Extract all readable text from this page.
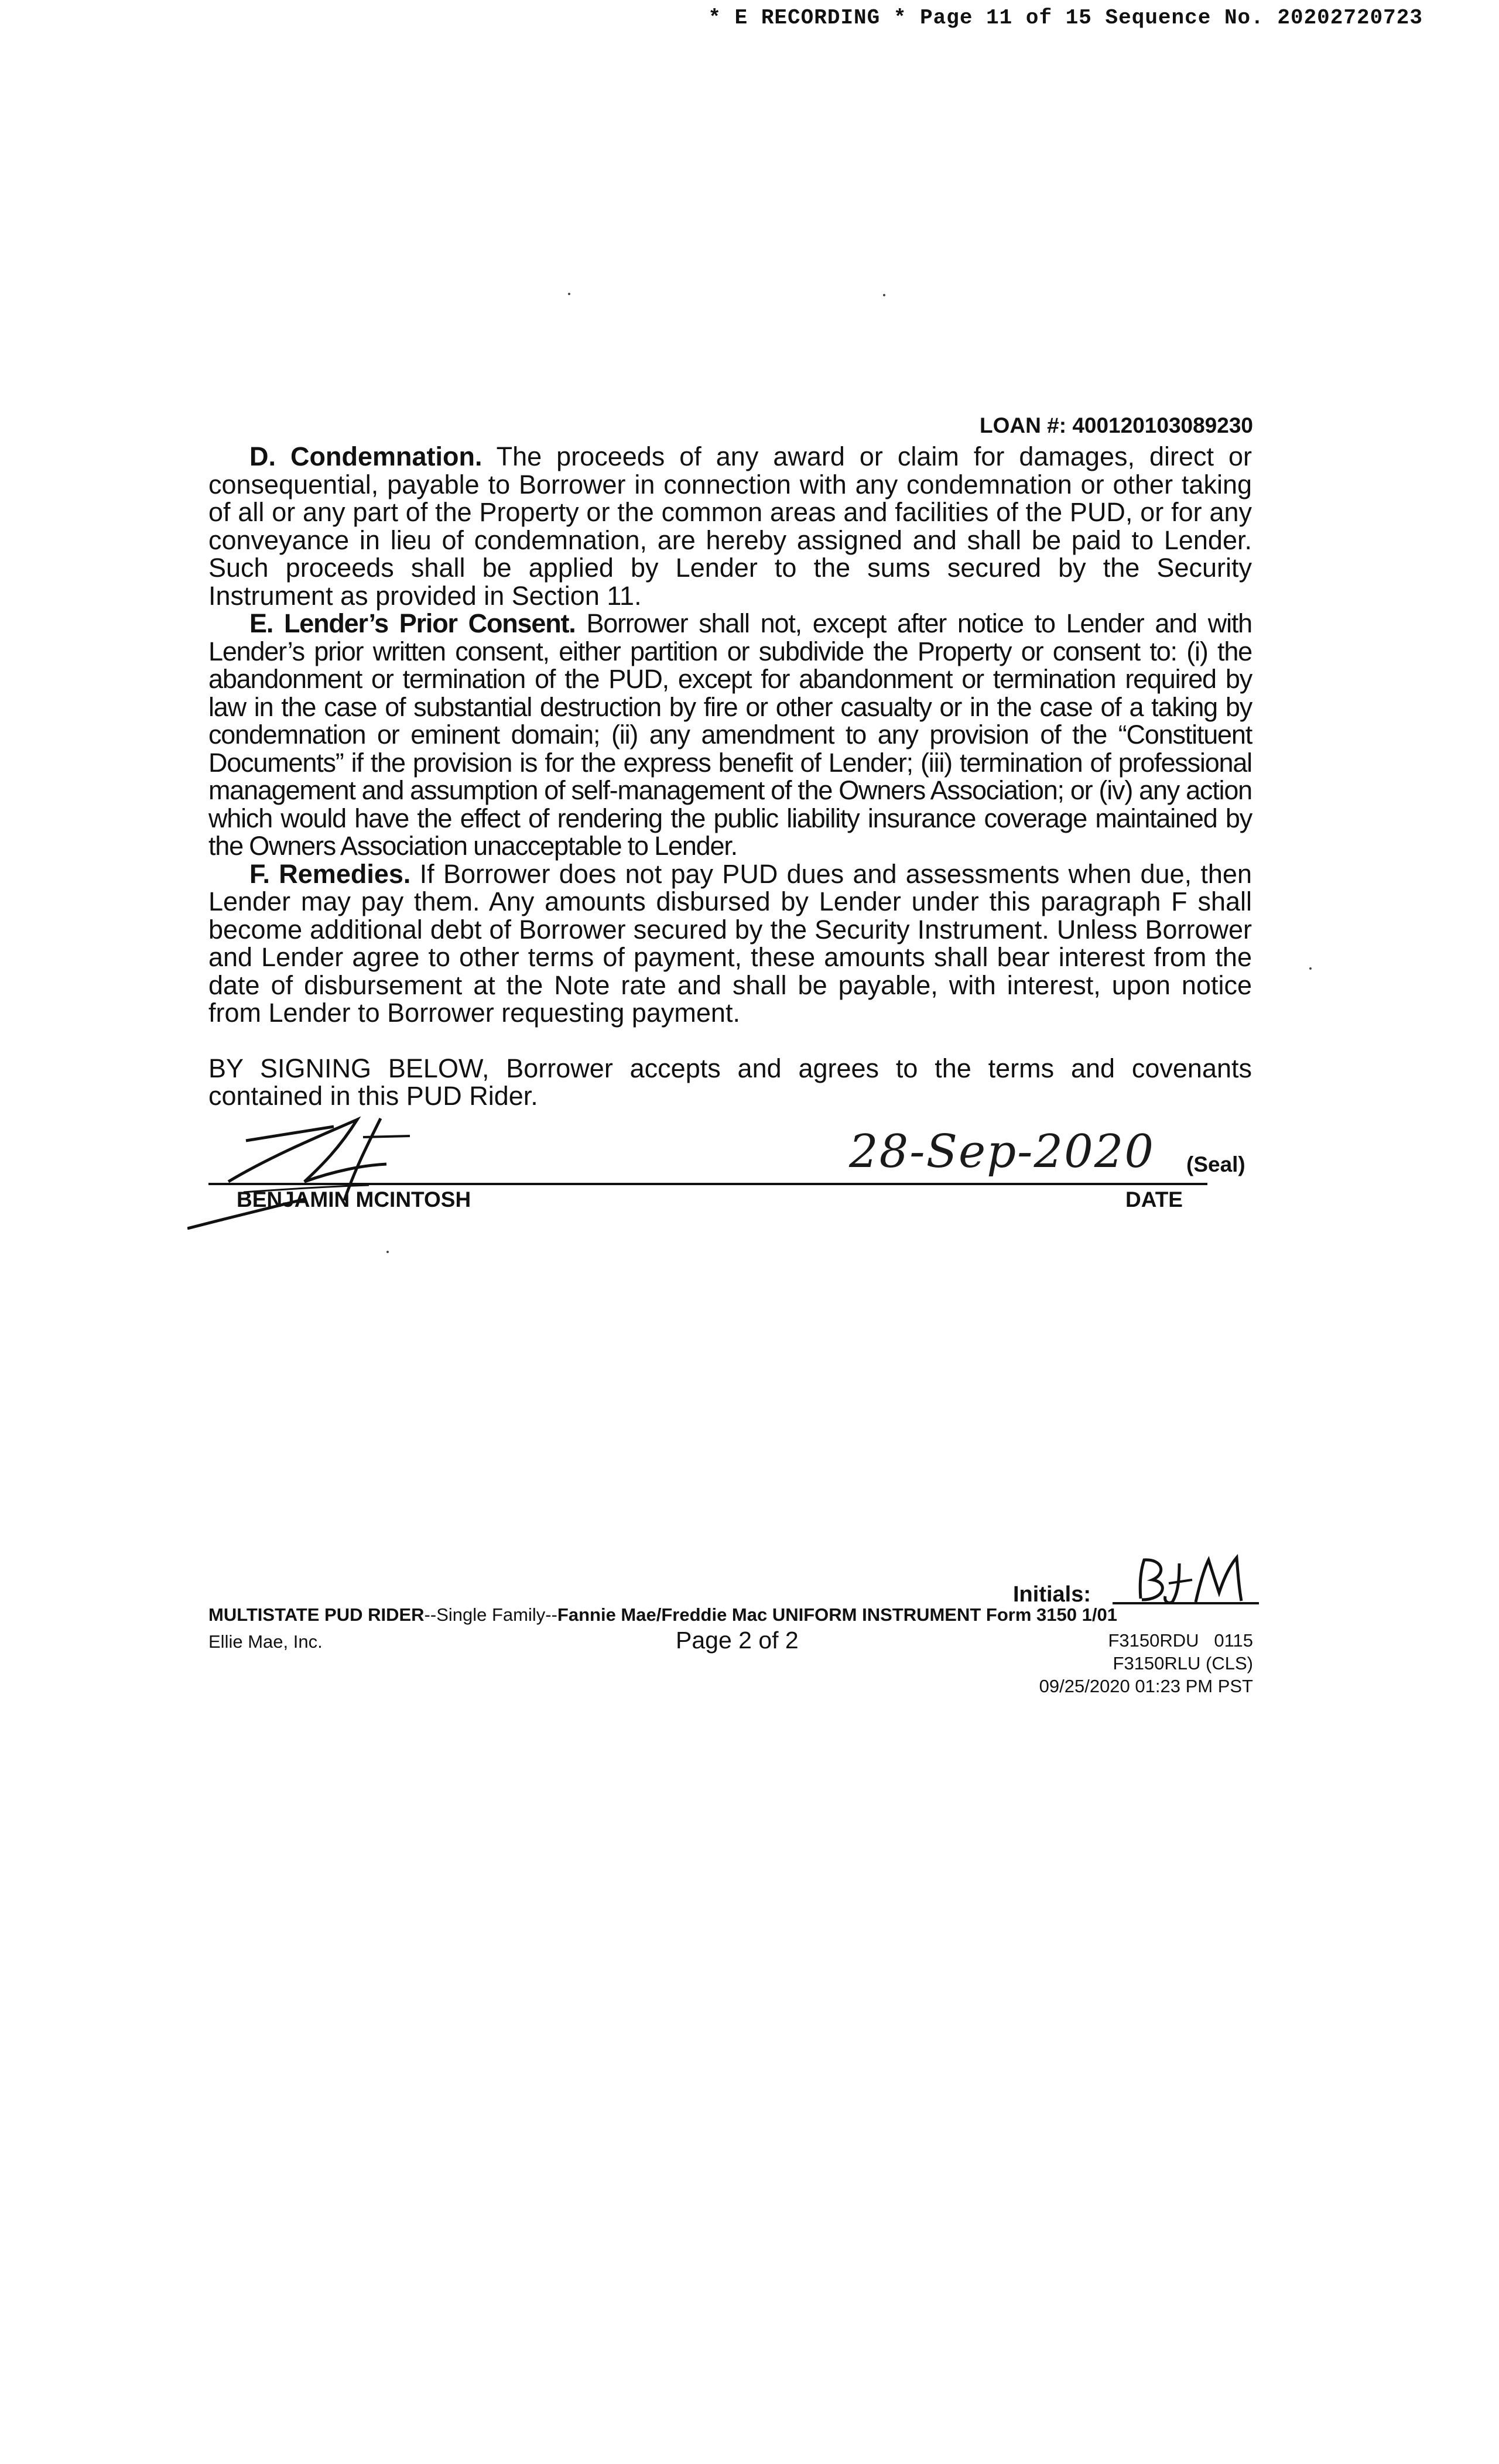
* E RECORDING * Page 11 of 15 Sequence No. 20202720723
LOAN #: 400120103089230

D. Condemnation. The proceeds of any award or claim for damages, direct or consequential, payable to Borrower in connection with any condemnation or other taking of all or any part of the Property or the common areas and facilities of the PUD, or for any conveyance in lieu of condemnation, are hereby assigned and shall be paid to Lender. Such proceeds shall be applied by Lender to the sums secured by the Security Instrument as provided in Section 11.

E. Lender’s Prior Consent. Borrower shall not, except after notice to Lender and with Lender’s prior written consent, either partition or subdivide the Property or consent to: (i) the abandonment or termination of the PUD, except for abandonment or termination required by law in the case of substantial destruction by fire or other casualty or in the case of a taking by condemnation or eminent domain; (ii) any amendment to any provision of the “Constituent Documents” if the provision is for the express benefit of Lender; (iii) termination of professional management and assumption of self-management of the Owners Association; or (iv) any action which would have the effect of rendering the public liability insurance coverage maintained by the Owners Association unacceptable to Lender.

F. Remedies. If Borrower does not pay PUD dues and assessments when due, then Lender may pay them. Any amounts disbursed by Lender under this paragraph F shall become additional debt of Borrower secured by the Security Instrument. Unless Borrower and Lender agree to other terms of payment, these amounts shall bear interest from the date of disbursement at the Note rate and shall be payable, with interest, upon notice from Lender to Borrower requesting payment.

BY SIGNING BELOW, Borrower accepts and agrees to the terms and covenants contained in this PUD Rider.

28-Sep-2020 (Seal)
BENJAMIN MCINTOSH	DATE
Initials:
MULTISTATE PUD RIDER--Single Family--Fannie Mae/Freddie Mac UNIFORM INSTRUMENT Form 3150 1/01
Ellie Mae, Inc.	Page 2 of 2	F3150RDU   0115
F3150RLU (CLS)
09/25/2020 01:23 PM PST
